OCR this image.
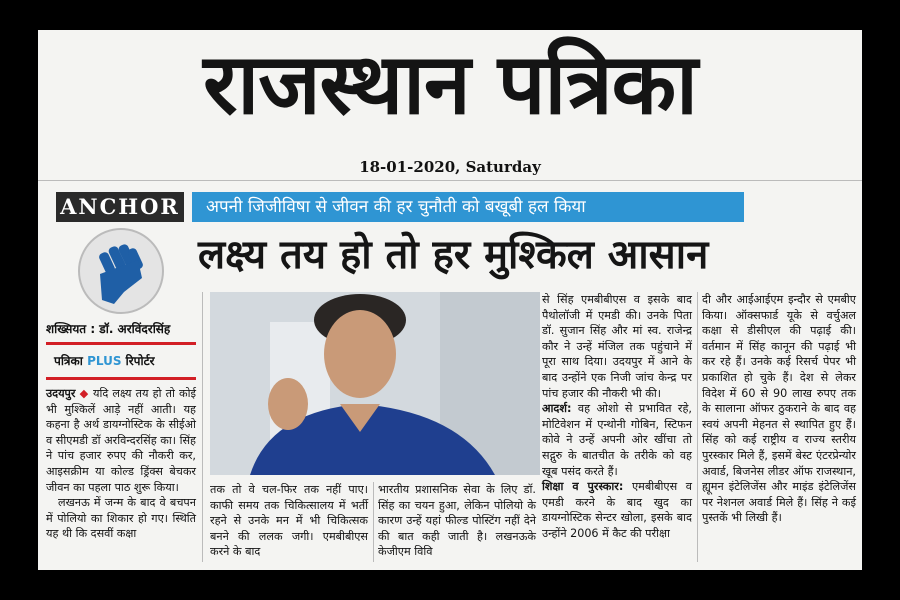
राजस्थान पत्रिका
18-01-2020, Saturday
ANCHOR	अपनी जिजीविषा से जीवन की हर चुनौती को बखूबी हल किया
शख्सियत : डॉ. अरविंदरसिंह
पत्रिका PLUS रिपोर्टर
लक्ष्य तय हो तो हर मुश्किल आसान

उदयपुर ◆ यदि लक्ष्य तय हो तो कोई भी मुश्किलें आड़े नहीं आती। यह कहना है अर्थ डायग्नोस्टिक के सीईओ व सीएमडी डॉ अरविन्दरसिंह का। सिंह ने पांच हजार रुपए की नौकरी कर, आइसक्रीम या कोल्ड ड्रिंक्स बेचकर जीवन का पहला पाठ शुरू किया।

लखनऊ में जन्म के बाद वे बचपन में पोलियो का शिकार हो गए। स्थिति यह थी कि दसवीं कक्षा

तक तो वे चल-फिर तक नहीं पाए। काफी समय तक चिकित्सालय में भर्ती रहने से उनके मन में भी चिकित्सक बनने की ललक जगी। एमबीबीएस करने के बाद

भारतीय प्रशासनिक सेवा के लिए डॉ. सिंह का चयन हुआ, लेकिन पोलियो के कारण उन्हें यहां फील्ड पोस्टिंग नहीं देने की बात कही जाती है। लखनऊके केजीएम विवि

से सिंह एमबीबीएस व इसके बाद पैथोलॉजी में एमडी की। उनके पिता डॉ. सुजान सिंह और मां स्व. राजेन्द्र कौर ने उन्हें मंजिल तक पहुंचाने में पूरा साथ दिया। उदयपुर में आने के बाद उन्होंने एक निजी जांच केन्द्र पर पांच हजार की नौकरी भी की।

आदर्श: वह ओशो से प्रभावित रहे, मोटिवेशन में एन्थोनी गोबिन, स्टिफन कोवे ने उन्हें अपनी ओर खींचा तो सद्गुरु के बातचीत के तरीके को वह खूब पसंद करते हैं।

शिक्षा व पुरस्कार: एमबीबीएस व एमडी करने के बाद खुद का डायग्नोस्टिक सेन्टर खोला, इसके बाद उन्होंने 2006 में कैट की परीक्षा

दी और आईआईएम इन्दौर से एमबीए किया। ऑक्सफार्ड यूके से वर्चुअल कक्षा से डीसीएल की पढ़ाई की। वर्तमान में सिंह कानून की पढ़ाई भी कर रहे हैं। उनके कई रिसर्च पेपर भी प्रकाशित हो चुके हैं। देश से लेकर विदेश में 60 से 90 लाख रुपए तक के सालाना ऑफर ठुकराने के बाद वह स्वयं अपनी मेहनत से स्थापित हुए हैं। सिंह को कई राष्ट्रीय व राज्य स्तरीय पुरस्कार मिले हैं, इसमें बेस्ट एंटरप्रेन्योर अवार्ड, बिजनेस लीडर ऑफ राजस्थान, ह्यूमन इंटेलिजेंस और माइंड इंटेलिजेंस पर नेशनल अवार्ड मिले हैं। सिंह ने कई पुस्तकें भी लिखी हैं।
